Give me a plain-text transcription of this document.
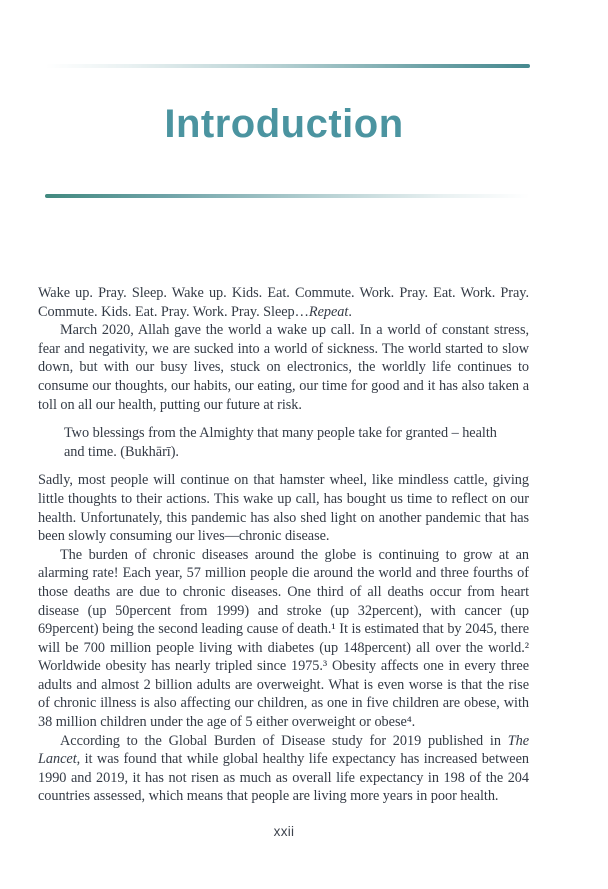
Introduction

Wake up. Pray. Sleep. Wake up. Kids. Eat. Commute. Work. Pray. Eat. Work. Pray. Commute. Kids. Eat. Pray. Work. Pray. Sleep…Repeat.

March 2020, Allah gave the world a wake up call. In a world of constant stress, fear and negativity, we are sucked into a world of sickness. The world started to slow down, but with our busy lives, stuck on electronics, the worldly life continues to consume our thoughts, our habits, our eating, our time for good and it has also taken a toll on all our health, putting our future at risk.

Two blessings from the Almighty that many people take for granted – health and time. (Bukhārī).

Sadly, most people will continue on that hamster wheel, like mindless cattle, giving little thoughts to their actions. This wake up call, has bought us time to reflect on our health. Unfortunately, this pandemic has also shed light on another pandemic that has been slowly consuming our lives—chronic disease.

The burden of chronic diseases around the globe is continuing to grow at an alarming rate! Each year, 57 million people die around the world and three fourths of those deaths are due to chronic diseases. One third of all deaths occur from heart disease (up 50percent from 1999) and stroke (up 32percent), with cancer (up 69percent) being the second leading cause of death.¹ It is estimated that by 2045, there will be 700 million people living with diabetes (up 148percent) all over the world.² Worldwide obesity has nearly tripled since 1975.³ Obesity affects one in every three adults and almost 2 billion adults are overweight. What is even worse is that the rise of chronic illness is also affecting our children, as one in five children are obese, with 38 million children under the age of 5 either overweight or obese⁴.

According to the Global Burden of Disease study for 2019 published in The Lancet, it was found that while global healthy life expectancy has increased between 1990 and 2019, it has not risen as much as overall life expectancy in 198 of the 204 countries assessed, which means that people are living more years in poor health.

xxii
